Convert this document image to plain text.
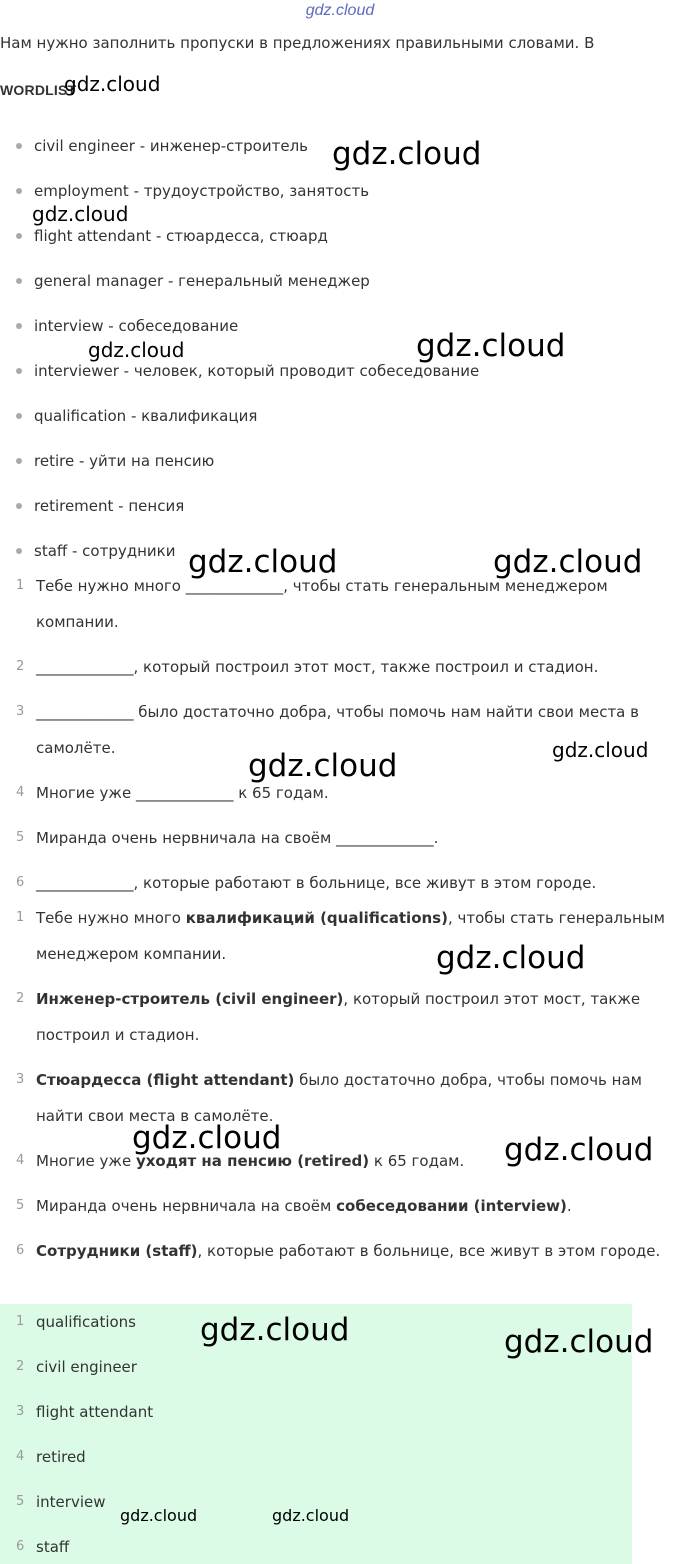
gdz.cloud
Нам нужно заполнить пропуски в предложениях правильными словами. В
WORDLIST
civil engineer - инженер-строитель
employment - трудоустройство, занятость
flight attendant - стюардесса, стюард
general manager - генеральный менеджер
interview - собеседование
interviewer - человек, который проводит собеседование
qualification - квалификация
retire - уйти на пенсию
retirement - пенсия
staff - сотрудники
1 Тебе нужно много _____________, чтобы стать генеральным менеджером компании.
2 _____________, который построил этот мост, также построил и стадион.
3 _____________ было достаточно добра, чтобы помочь нам найти свои места в самолёте.
4 Многие уже _____________ к 65 годам.
5 Миранда очень нервничала на своём _____________.
6 _____________, которые работают в больнице, все живут в этом городе.
1 Тебе нужно много квалификаций (qualifications), чтобы стать генеральным менеджером компании.
2 Инженер-строитель (civil engineer), который построил этот мост, также построил и стадион.
3 Стюардесса (flight attendant) было достаточно добра, чтобы помочь нам найти свои места в самолёте.
4 Многие уже уходят на пенсию (retired) к 65 годам.
5 Миранда очень нервничала на своём собеседовании (interview).
6 Сотрудники (staff), которые работают в больнице, все живут в этом городе.
1 qualifications
2 civil engineer
3 flight attendant
4 retired
5 interview
6 staff
gdz.cloud
gdz.cloud
gdz.cloud
gdz.cloud	gdz.cloud
gdz.cloud	gdz.cloud
gdz.cloud
gdz.cloud
gdz.cloud
gdz.cloud	gdz.cloud
gdz.cloud	gdz.cloud
gdz.cloud	gdz.cloud
